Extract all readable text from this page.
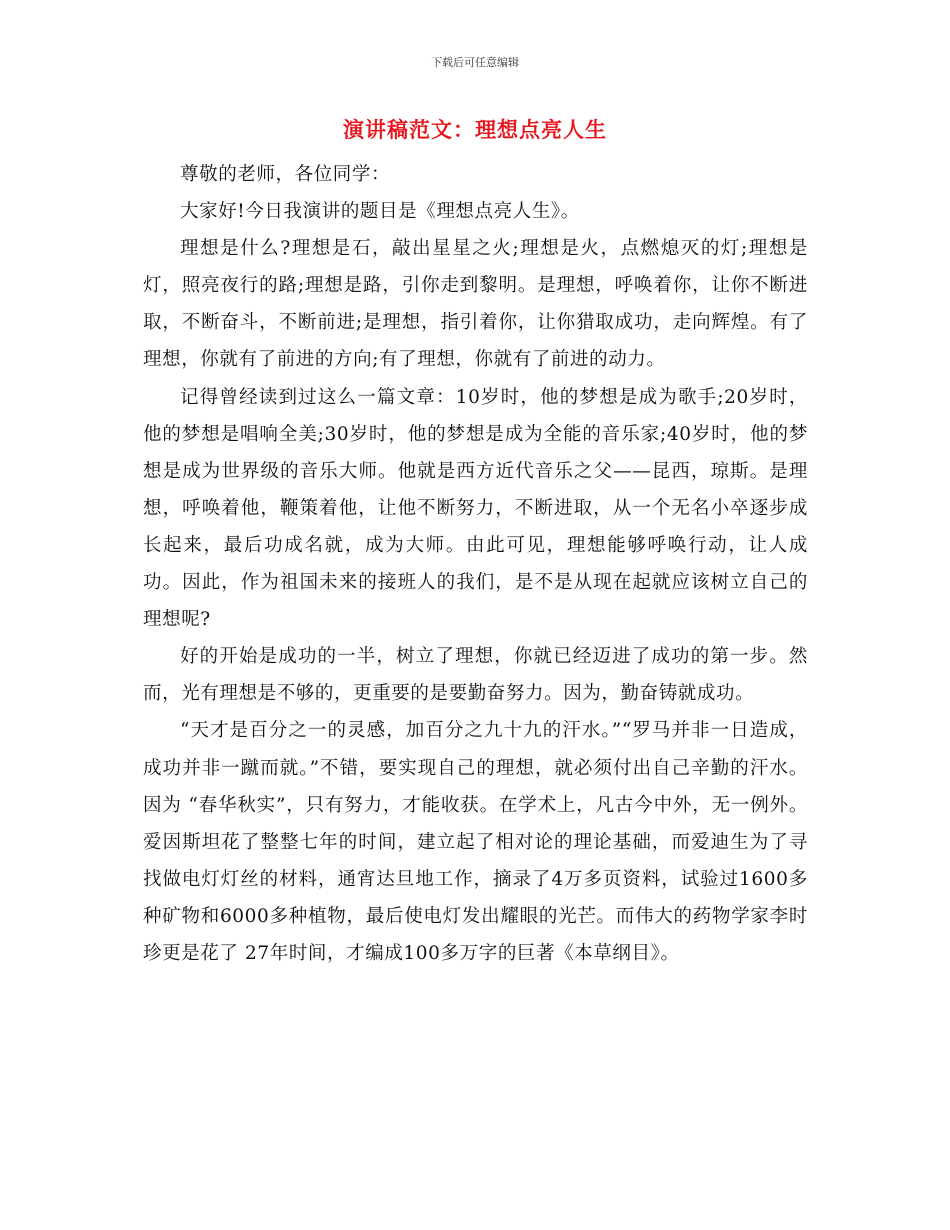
下载后可任意编辑
演讲稿范文：理想点亮人生

尊敬的老师，各位同学：

大家好!今日我演讲的题目是《理想点亮人生》。

理想是什么?理想是石，敲出星星之火;理想是火，点燃熄灭的灯;理想是灯，照亮夜行的路;理想是路，引你走到黎明。是理想，呼唤着你，让你不断进取，不断奋斗，不断前进;是理想，指引着你，让你猎取成功，走向辉煌。有了理想，你就有了前进的方向;有了理想，你就有了前进的动力。

记得曾经读到过这么一篇文章：10岁时，他的梦想是成为歌手;20岁时，他的梦想是唱响全美;30岁时，他的梦想是成为全能的音乐家;40岁时，他的梦想是成为世界级的音乐大师。他就是西方近代音乐之父——昆西，琼斯。是理想，呼唤着他，鞭策着他，让他不断努力，不断进取，从一个无名小卒逐步成长起来，最后功成名就，成为大师。由此可见，理想能够呼唤行动，让人成功。因此，作为祖国未来的接班人的我们，是不是从现在起就应该树立自己的理想呢?

好的开始是成功的一半，树立了理想，你就已经迈进了成功的第一步。然而，光有理想是不够的，更重要的是要勤奋努力。因为，勤奋铸就成功。

“天才是百分之一的灵感，加百分之九十九的汗水。”“罗马并非一日造成，成功并非一蹴而就。”不错，要实现自己的理想，就必须付出自己辛勤的汗水。因为 “春华秋实”，只有努力，才能收获。在学术上，凡古今中外，无一例外。爱因斯坦花了整整七年的时间，建立起了相对论的理论基础，而爱迪生为了寻找做电灯灯丝的材料，通宵达旦地工作，摘录了4万多页资料，试验过1600多种矿物和6000多种植物，最后使电灯发出耀眼的光芒。而伟大的药物学家李时珍更是花了 27年时间，才编成100多万字的巨著《本草纲目》。
